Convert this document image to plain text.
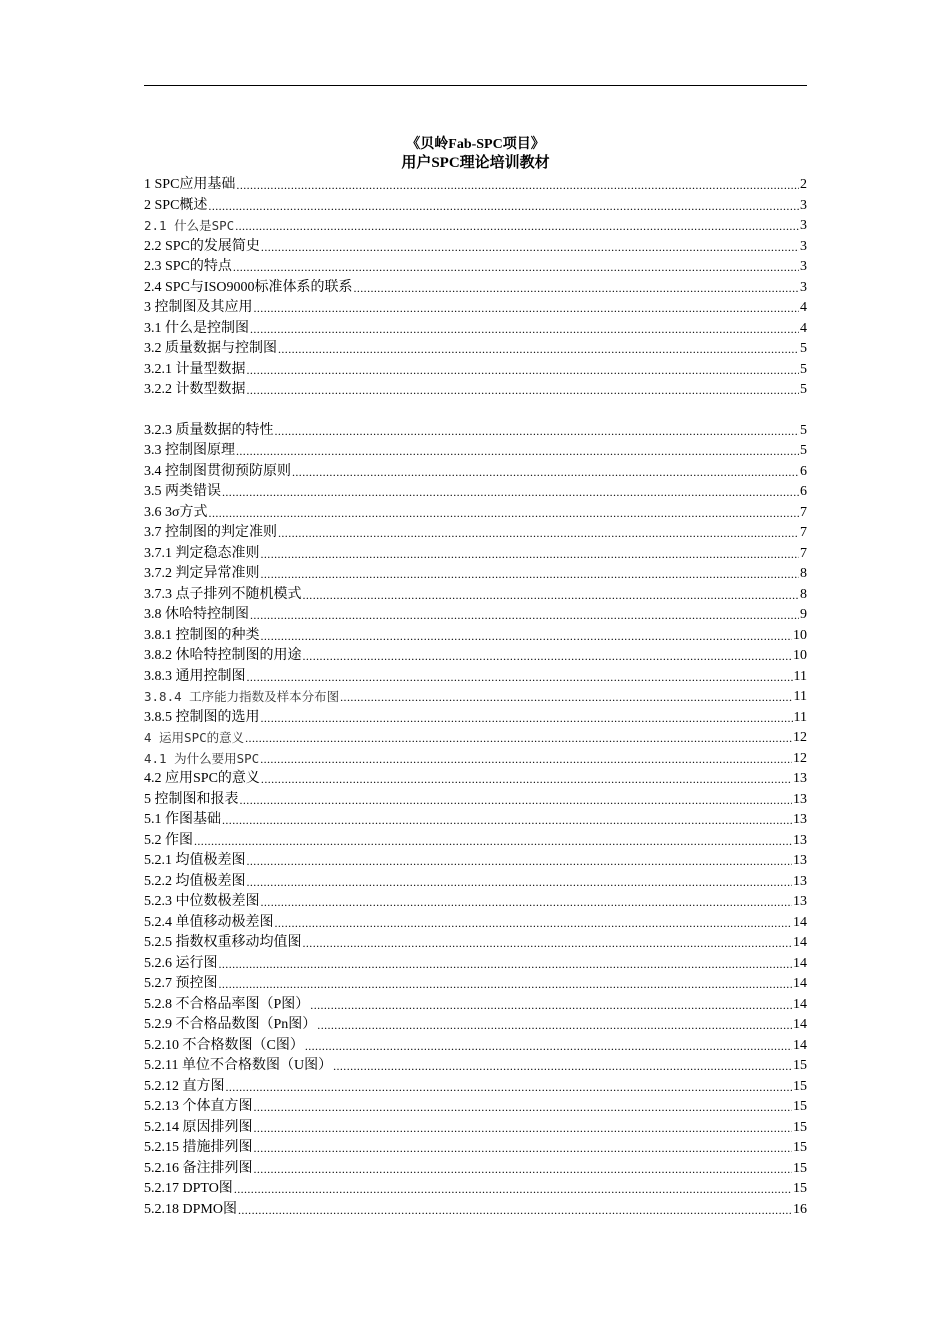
《贝岭Fab-SPC项目》
用户SPC理论培训教材
1 SPC应用基础 .....	2
2 SPC概述 .....	3
2.1 什么是SPC .....	3
2.2 SPC的发展简史 .....	3
2.3 SPC的特点 .....	3
2.4 SPC与ISO9000标准体系的联系 .....	3
3 控制图及其应用 .....	4
3.1 什么是控制图 .....	4
3.2 质量数据与控制图 .....	5
3.2.1 计量型数据 .....	5
3.2.2 计数型数据 .....	5
3.2.3 质量数据的特性 .....	5
3.3 控制图原理 .....	5
3.4 控制图贯彻预防原则 .....	6
3.5 两类错误 .....	6
3.6 3σ方式 .....	7
3.7 控制图的判定准则 .....	7
3.7.1 判定稳态准则 .....	7
3.7.2 判定异常准则 .....	8
3.7.3 点子排列不随机模式 .....	8
3.8 休哈特控制图 .....	9
3.8.1 控制图的种类 .....	10
3.8.2 休哈特控制图的用途 .....	10
3.8.3 通用控制图 .....	11
3.8.4 工序能力指数及样本分布图 .....	11
3.8.5 控制图的选用 .....	11
4 运用SPC的意义 .....	12
4.1 为什么要用SPC .....	12
4.2 应用SPC的意义 .....	13
5 控制图和报表 .....	13
5.1 作图基础 .....	13
5.2 作图 .....	13
5.2.1 均值极差图 .....	13
5.2.2 均值极差图 .....	13
5.2.3 中位数极差图 .....	13
5.2.4 单值移动极差图 .....	14
5.2.5 指数权重移动均值图 .....	14
5.2.6 运行图 .....	14
5.2.7 预控图 .....	14
5.2.8 不合格品率图（P图） .....	14
5.2.9 不合格品数图（Pn图） .....	14
5.2.10 不合格数图（C图） .....	14
5.2.11 单位不合格数图（U图） .....	15
5.2.12 直方图 .....	15
5.2.13 个体直方图 .....	15
5.2.14 原因排列图 .....	15
5.2.15 措施排列图 .....	15
5.2.16 备注排列图 .....	15
5.2.17 DPTO图 .....	15
5.2.18 DPMO图 .....	16
